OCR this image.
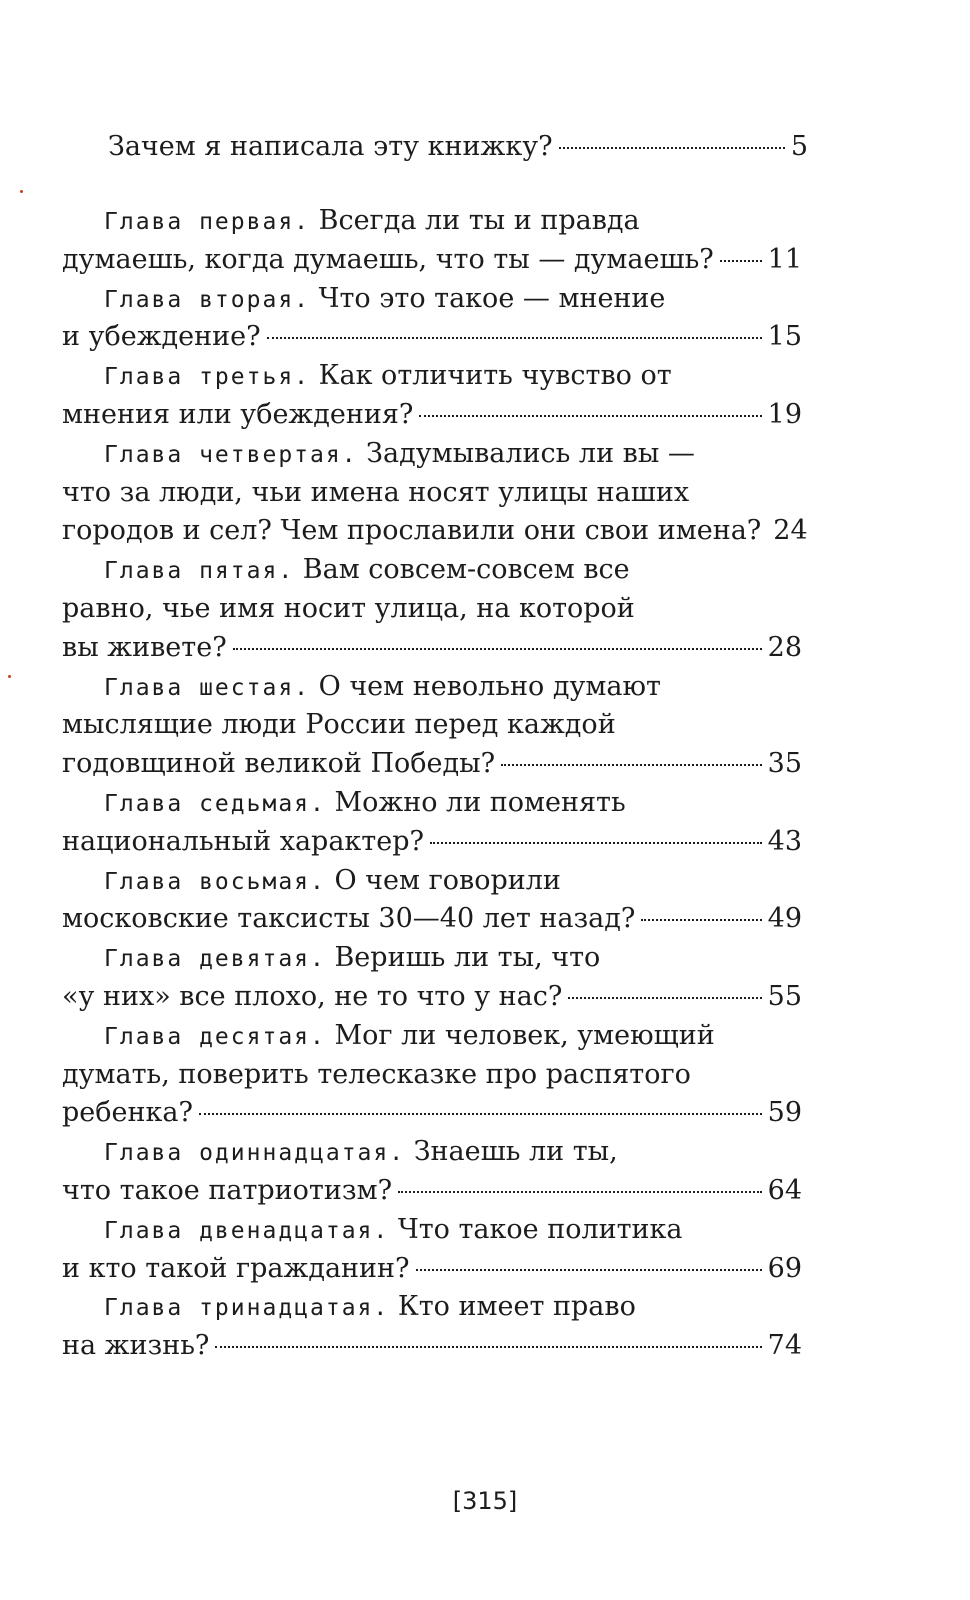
Зачем я написала эту книжку?	5
Глава первая. Всегда ли ты и правда
думаешь, когда думаешь, что ты — думаешь? 11
Глава вторая. Что это такое — мнение
и убеждение?	15
Глава третья. Как отличить чувство от
мнения или убеждения?	19
Глава четвертая. Задумывались ли вы —
что за люди, чьи имена носят улицы наших
городов и сел? Чем прославили они свои имена? 24
Глава пятая. Вам совсем-совсем все
равно, чье имя носит улица, на которой
вы живете?	28
Глава шестая. О чем невольно думают
мыслящие люди России перед каждой
годовщиной великой Победы?	35
Глава седьмая. Можно ли поменять
национальный характер?	43
Глава восьмая. О чем говорили
московские таксисты 30—40 лет назад?	49
Глава девятая. Веришь ли ты, что
«у них» все плохо, не то что у нас?	55
Глава десятая. Мог ли человек, умеющий
думать, поверить телесказке про распятого
ребенка?	59
Глава одиннадцатая. Знаешь ли ты,
что такое патриотизм?	64
Глава двенадцатая. Что такое политика
и кто такой гражданин?	69
Глава тринадцатая. Кто имеет право
на жизнь?	74
[315]
